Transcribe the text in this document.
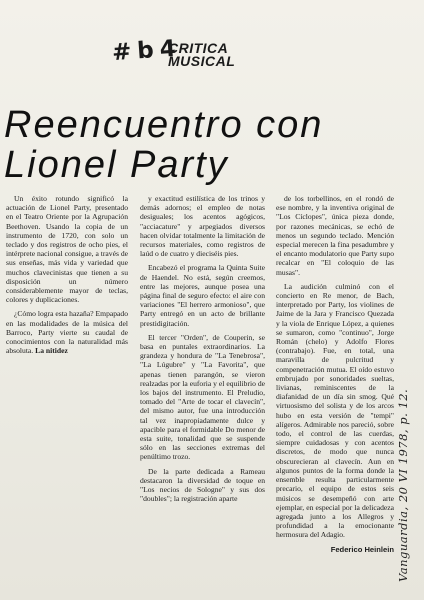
# b 4
CRITICA
MUSICAL
Reencuentro con
Lionel Party

Un éxito rotundo significó la actuación de Lionel Party, presentado en el Teatro Oriente por la Agrupación Beethoven. Usando la copia de un instrumento de 1720, con solo un teclado y dos registros de ocho pies, el intérprete nacional consigue, a través de sus enseñas, más vida y variedad que muchos clavecinistas que tienen a su disposición un número considerablemente mayor de teclas, colores y duplicaciones.

¿Cómo logra esta hazaña? Empapado en las modalidades de la música del Barroco, Party vierte su caudal de conocimientos con la naturalidad más absoluta. La nitidez

y exactitud estilística de los trinos y demás adornos; el empleo de notas desiguales; los acentos agógicos, "acciacature" y arpegiados diversos hacen olvidar totalmente la limitación de recursos materiales, como registros de laúd o de cuatro y dieciséis pies.

Encabezó el programa la Quinta Suite de Haendel. No está, según creemos, entre las mejores, aunque posea una página final de seguro efecto: el aire con variaciones "El herrero armonioso", que Party entregó en un acto de brillante prestidigitación.

El tercer "Orden", de Couperin, se basa en puntales extraordinarios. La grandeza y hondura de "La Tenebrosa", "La Lúgubre" y "La Favorita", que apenas tienen parangón, se vieron realzadas por la euforia y el equilibrio de los bajos del instrumento. El Preludio, tomado del "Arte de tocar el clavecín", del mismo autor, fue una introducción tal vez inapropiadamente dulce y apacible para el formidable Do menor de esta suite, tonalidad que se suspende sólo en las secciones extremas del penúltimo trozo.

De la parte dedicada a Rameau destacaron la diversidad de toque en "Los necios de Sologne" y sus dos "doubles"; la registración aparte

de los torbellinos, en el rondó de ese nombre, y la inventiva original de "Los Cíclopes", única pieza donde, por razones mecánicas, se echó de menos un segundo teclado. Mención especial merecen la fina pesadumbre y el encanto modulatorio que Party supo recalcar en "El coloquio de las musas".

La audición culminó con el concierto en Re menor, de Bach, interpretado por Party, los violines de Jaime de la Jara y Francisco Quezada y la viola de Enrique López, a quienes se sumaron, como "continuo", Jorge Román (chelo) y Adolfo Flores (contrabajo). Fue, en total, una maravilla de pulcritud y compenetración mutua. El oído estuvo embrujado por sonoridades sueltas, livianas, reminiscentes de la diafanidad de un día sin smog. Qué virtuosismo del solista y de los arcos hubo en esta versión de "tempi" alígeros. Admirable nos pareció, sobre todo, el control de las cuerdas, siempre cuidadosas y con acentos discretos, de modo que nunca obscurecieran al clavecín. Aun en algunos puntos de la forma donde la ensemble resulta particularmente precario, el equipo de estos seis músicos se desempeñó con arte ejemplar, en especial por la delicadeza agregada junto a los Allegros y profundidad a la emocionante hermosura del Adagio.

Federico Heinlein Vanguardia, 20 VI 1978, p. 12.
